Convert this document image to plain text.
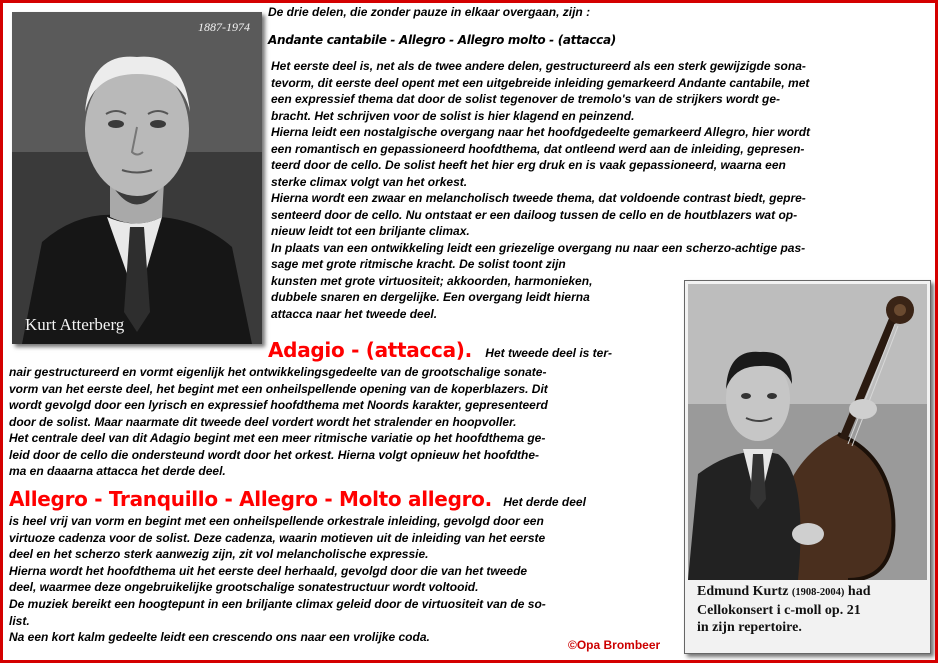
1887-1974
Kurt Atterberg
Edmund Kurtz (1908-2004) had
Cellokonsert i c-moll op. 21
in zijn repertoire.
De drie delen, die zonder pauze in elkaar overgaan, zijn :
Andante cantabile - Allegro - Allegro molto - (attacca)
Het eerste deel is, net als de twee andere delen, gestructureerd als een sterk gewijzigde sona-
tevorm, dit eerste deel opent met een uitgebreide inleiding gemarkeerd Andante cantabile, met
een expressief thema dat door de solist tegenover de tremolo's van de strijkers wordt ge-
bracht. Het schrijven voor de solist is hier klagend en peinzend.
Hierna leidt een nostalgische overgang naar het hoofdgedeelte gemarkeerd Allegro, hier wordt
een romantisch en gepassioneerd hoofdthema, dat ontleend werd aan de inleiding, gepresen-
teerd door de cello. De solist heeft het hier erg druk en is vaak gepassioneerd, waarna een
sterke climax volgt van het orkest.
Hierna wordt een zwaar en melancholisch tweede thema, dat voldoende contrast biedt, gepre-
senteerd door de cello. Nu ontstaat er een dailoog tussen de cello en de houtblazers wat op-
nieuw leidt tot een briljante climax.
In plaats van een ontwikkeling leidt een griezelige overgang nu naar een scherzo-achtige pas-
sage met grote ritmische kracht. De solist toont zijn
kunsten met grote virtuositeit; akkoorden, harmonieken,
dubbele snaren en dergelijke. Een overgang leidt hierna
attacca naar het tweede deel.
Adagio - (attacca). Het tweede deel is ter-
nair gestructureerd en vormt eigenlijk het ontwikkelingsgedeelte van de grootschalige sonate-
vorm van het eerste deel, het begint met een onheilspellende opening van de koperblazers. Dit
wordt gevolgd door een lyrisch en expressief hoofdthema met Noords karakter, gepresenteerd
door de solist. Maar naarmate dit tweede deel vordert wordt het stralender en hoopvoller.
Het centrale deel van dit Adagio begint met een meer ritmische variatie op het hoofdthema ge-
leid door de cello die ondersteund wordt door het orkest. Hierna volgt opnieuw het hoofdthe-
ma en daaarna attacca het derde deel.
Allegro - Tranquillo - Allegro - Molto allegro. Het derde deel
is heel vrij van vorm en begint met een onheilspellende orkestrale inleiding, gevolgd door een
virtuoze cadenza voor de solist. Deze cadenza, waarin motieven uit de inleiding van het eerste
deel en het scherzo sterk aanwezig zijn, zit vol melancholische expressie.
Hierna wordt het hoofdthema uit het eerste deel herhaald, gevolgd door die van het tweede
deel, waarmee deze ongebruikelijke grootschalige sonatestructuur wordt voltooid.
De muziek bereikt een hoogtepunt in een briljante climax geleid door de virtuositeit van de so-
list.
Na een kort kalm gedeelte leidt een crescendo ons naar een vrolijke coda.
©Opa Brombeer
